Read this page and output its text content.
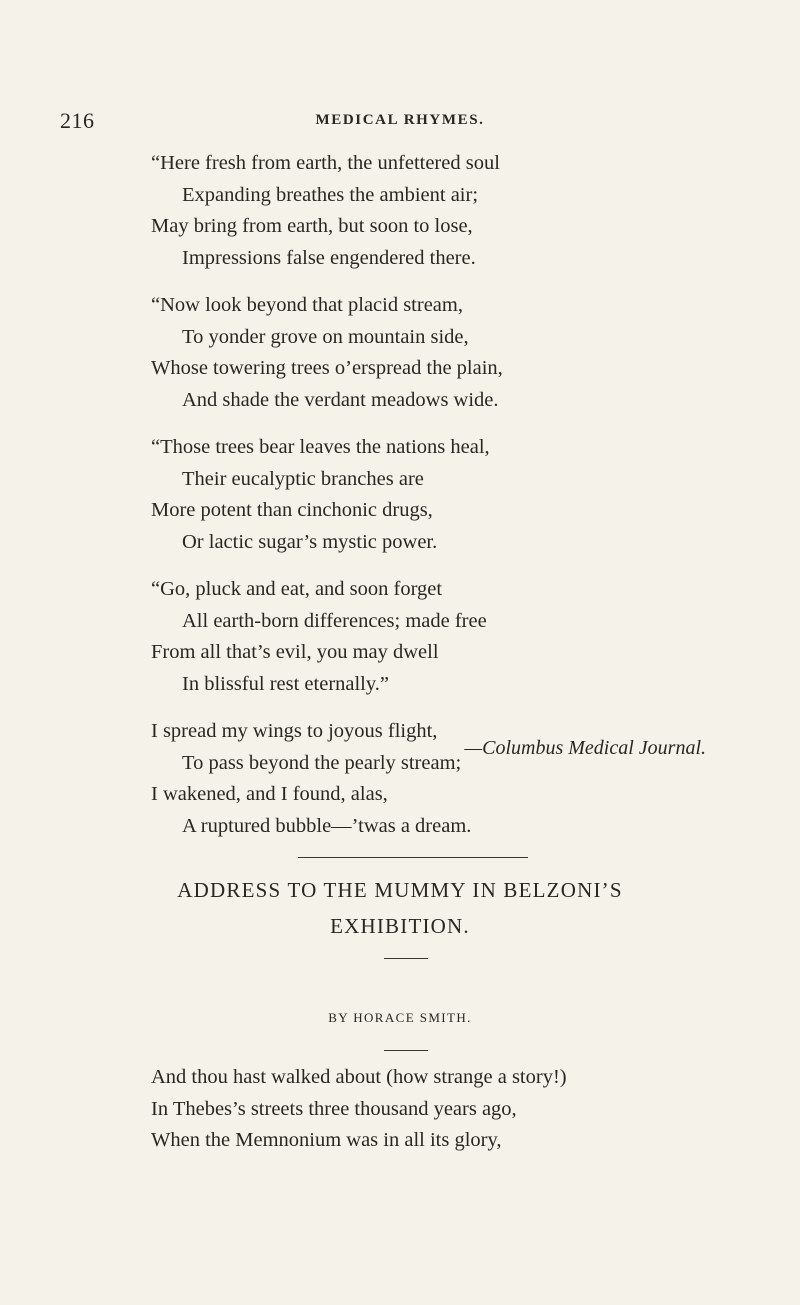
216	MEDICAL RHYMES.
“Here fresh from earth, the unfettered soul
Expanding breathes the ambient air;
May bring from earth, but soon to lose,
Impressions false engendered there.
“Now look beyond that placid stream,
To yonder grove on mountain side,
Whose towering trees o’erspread the plain,
And shade the verdant meadows wide.
“Those trees bear leaves the nations heal,
Their eucalyptic branches are
More potent than cinchonic drugs,
Or lactic sugar’s mystic power.
“Go, pluck and eat, and soon forget
All earth-born differences; made free
From all that’s evil, you may dwell
In blissful rest eternally.”
I spread my wings to joyous flight,
To pass beyond the pearly stream;
I wakened, and I found, alas,
A ruptured bubble—’twas a dream.
—Columbus Medical Journal.
ADDRESS TO THE MUMMY IN BELZONI’S
EXHIBITION.
BY HORACE SMITH.
And thou hast walked about (how strange a story!)
In Thebes’s streets three thousand years ago,
When the Memnonium was in all its glory,
